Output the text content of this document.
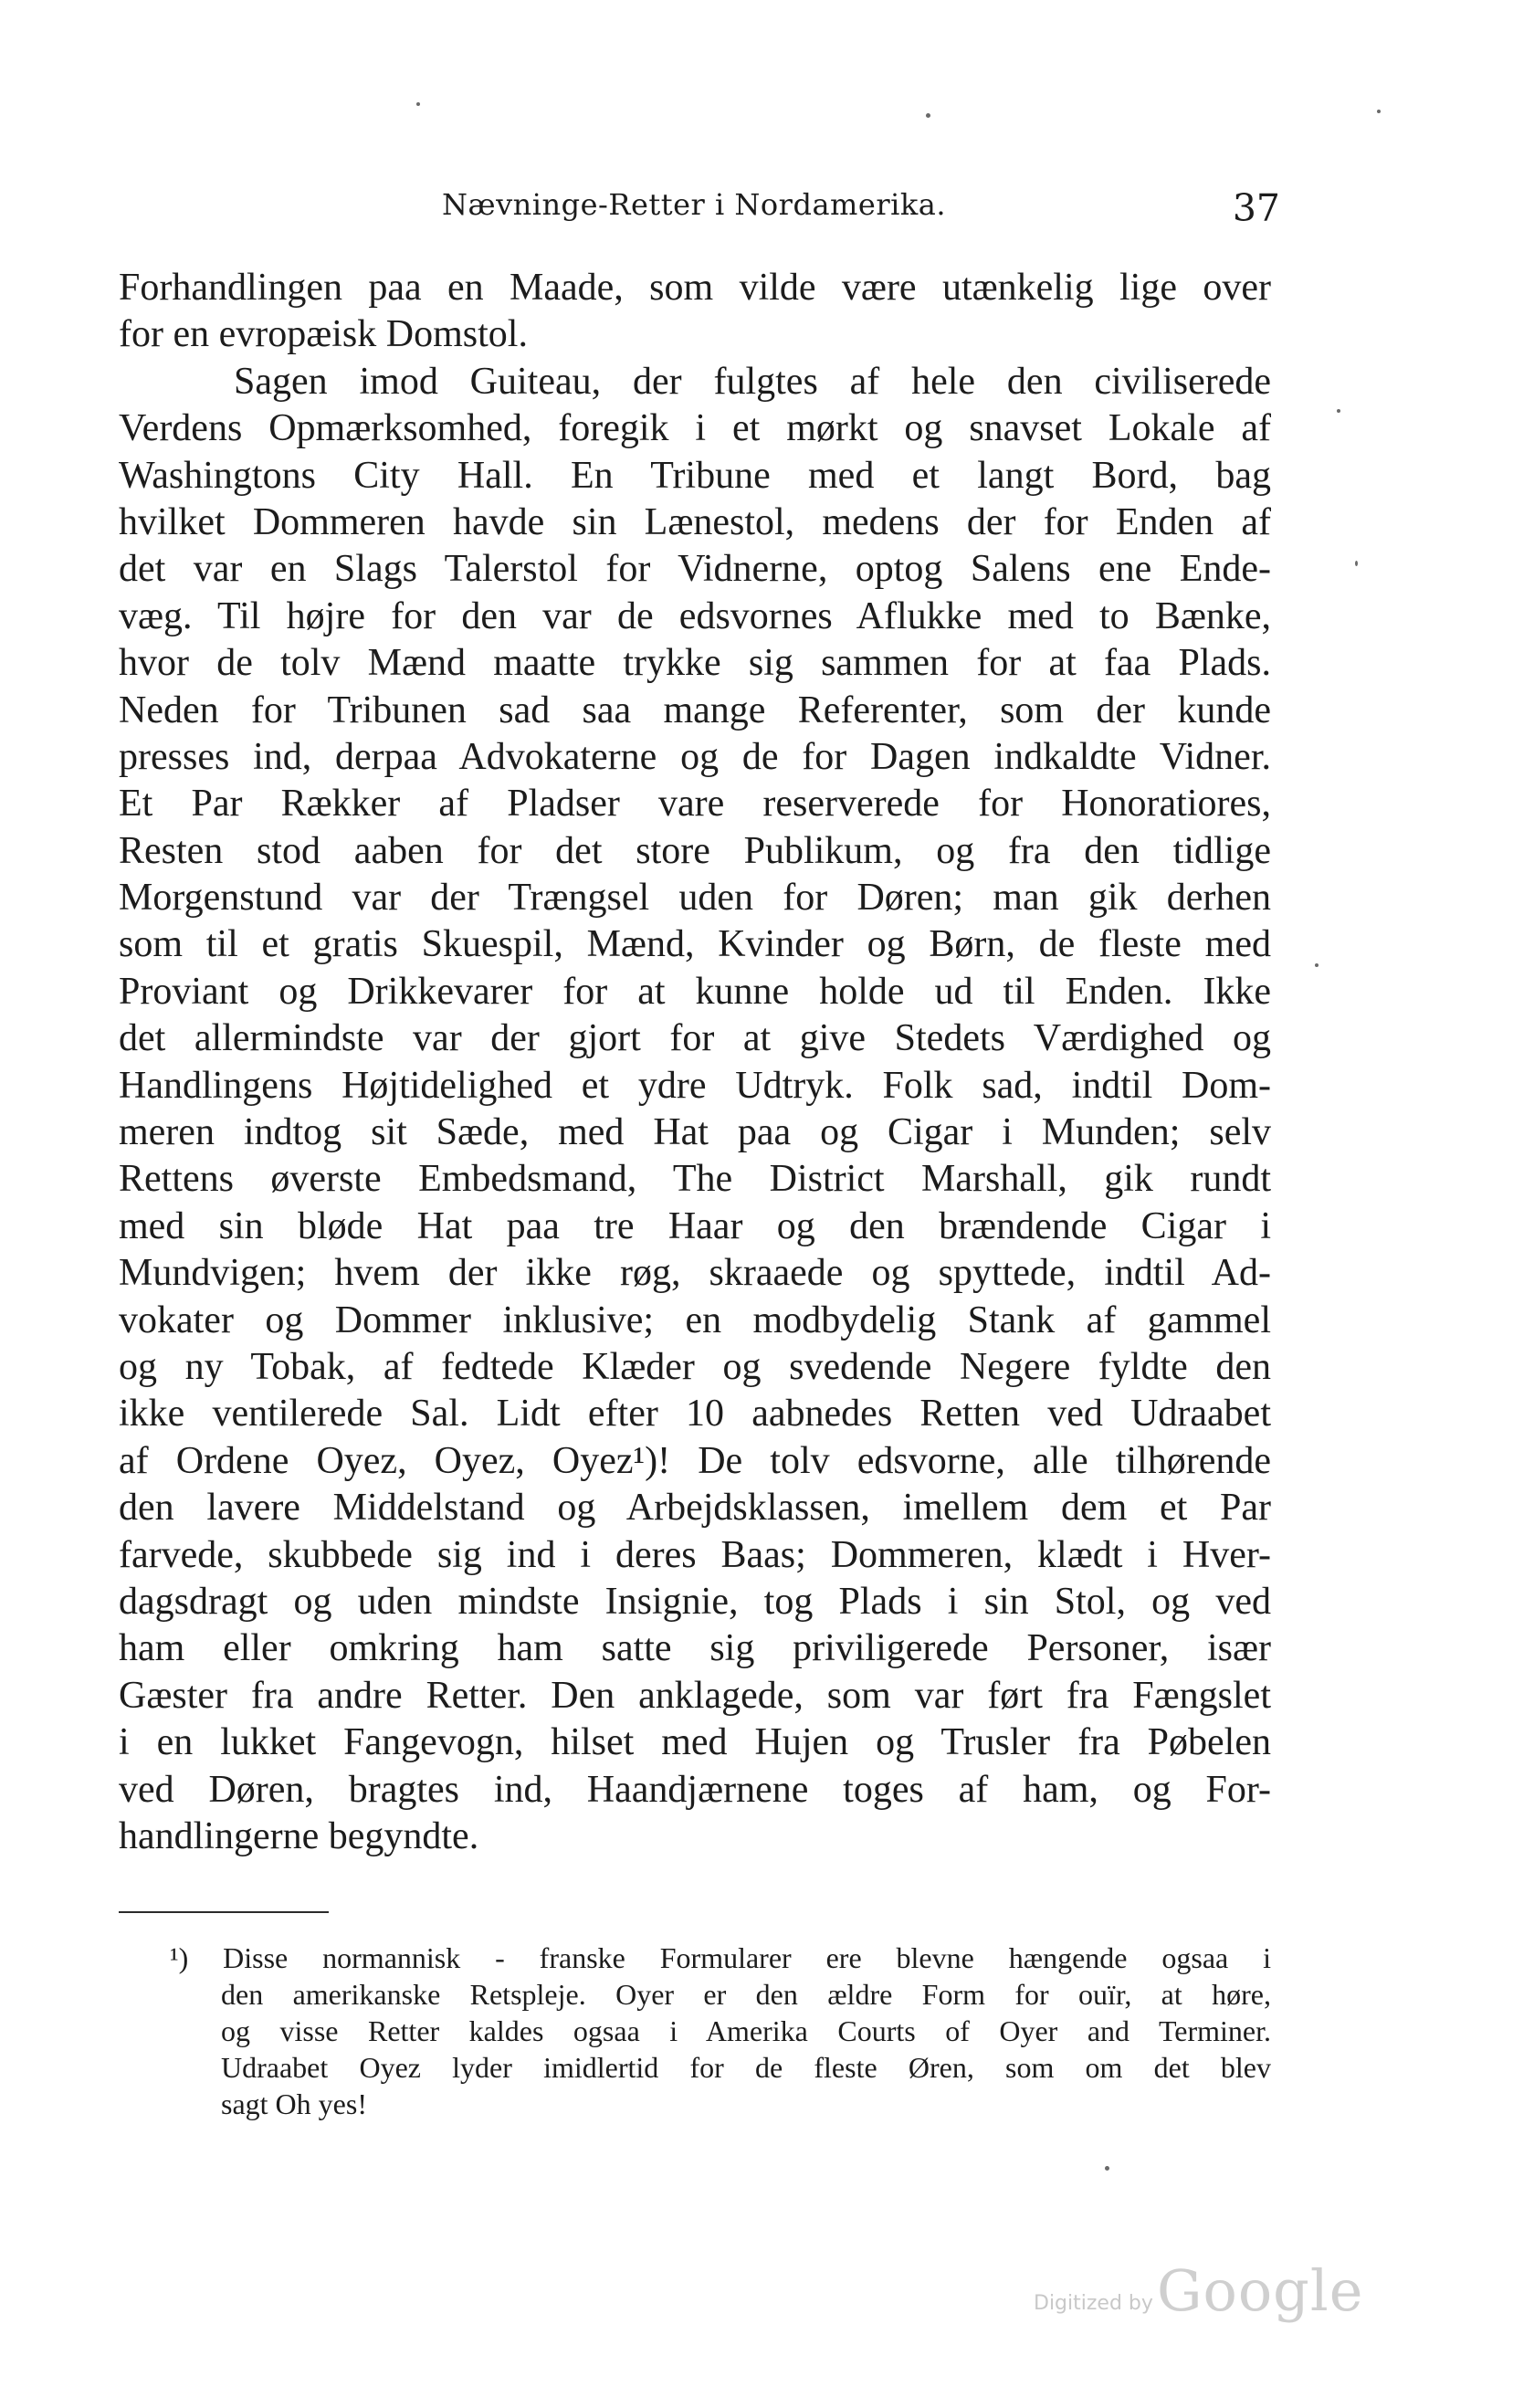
Nævninge-Retter i Nordamerika.	37
Forhandlingen paa en Maade, som vilde være utænkelig lige over
for en evropæisk Domstol.
Sagen imod Guiteau, der fulgtes af hele den civiliserede
Verdens Opmærksomhed, foregik i et mørkt og snavset Lokale af
Washingtons City Hall. En Tribune med et langt Bord, bag
hvilket Dommeren havde sin Lænestol, medens der for Enden af
det var en Slags Talerstol for Vidnerne, optog Salens ene Ende-
væg. Til højre for den var de edsvornes Aflukke med to Bænke,
hvor de tolv Mænd maatte trykke sig sammen for at faa Plads.
Neden for Tribunen sad saa mange Referenter, som der kunde
presses ind, derpaa Advokaterne og de for Dagen indkaldte Vidner.
Et Par Rækker af Pladser vare reserverede for Honoratiores,
Resten stod aaben for det store Publikum, og fra den tidlige
Morgenstund var der Trængsel uden for Døren; man gik derhen
som til et gratis Skuespil, Mænd, Kvinder og Børn, de fleste med
Proviant og Drikkevarer for at kunne holde ud til Enden. Ikke
det allermindste var der gjort for at give Stedets Værdighed og
Handlingens Højtidelighed et ydre Udtryk. Folk sad, indtil Dom-
meren indtog sit Sæde, med Hat paa og Cigar i Munden; selv
Rettens øverste Embedsmand, The District Marshall, gik rundt
med sin bløde Hat paa tre Haar og den brændende Cigar i
Mundvigen; hvem der ikke røg, skraaede og spyttede, indtil Ad-
vokater og Dommer inklusive; en modbydelig Stank af gammel
og ny Tobak, af fedtede Klæder og svedende Negere fyldte den
ikke ventilerede Sal. Lidt efter 10 aabnedes Retten ved Udraabet
af Ordene Oyez, Oyez, Oyez¹)! De tolv edsvorne, alle tilhørende
den lavere Middelstand og Arbejdsklassen, imellem dem et Par
farvede, skubbede sig ind i deres Baas; Dommeren, klædt i Hver-
dagsdragt og uden mindste Insignie, tog Plads i sin Stol, og ved
ham eller omkring ham satte sig priviligerede Personer, især
Gæster fra andre Retter. Den anklagede, som var ført fra Fængslet
i en lukket Fangevogn, hilset med Hujen og Trusler fra Pøbelen
ved Døren, bragtes ind, Haandjærnene toges af ham, og For-
handlingerne begyndte.
¹) Disse normannisk - franske Formularer ere blevne hængende ogsaa i
den amerikanske Retspleje. Oyer er den ældre Form for ouïr, at høre,
og visse Retter kaldes ogsaa i Amerika Courts of Oyer and Terminer.
Udraabet Oyez lyder imidlertid for de fleste Øren, som om det blev
sagt Oh yes!
Digitized by Google
